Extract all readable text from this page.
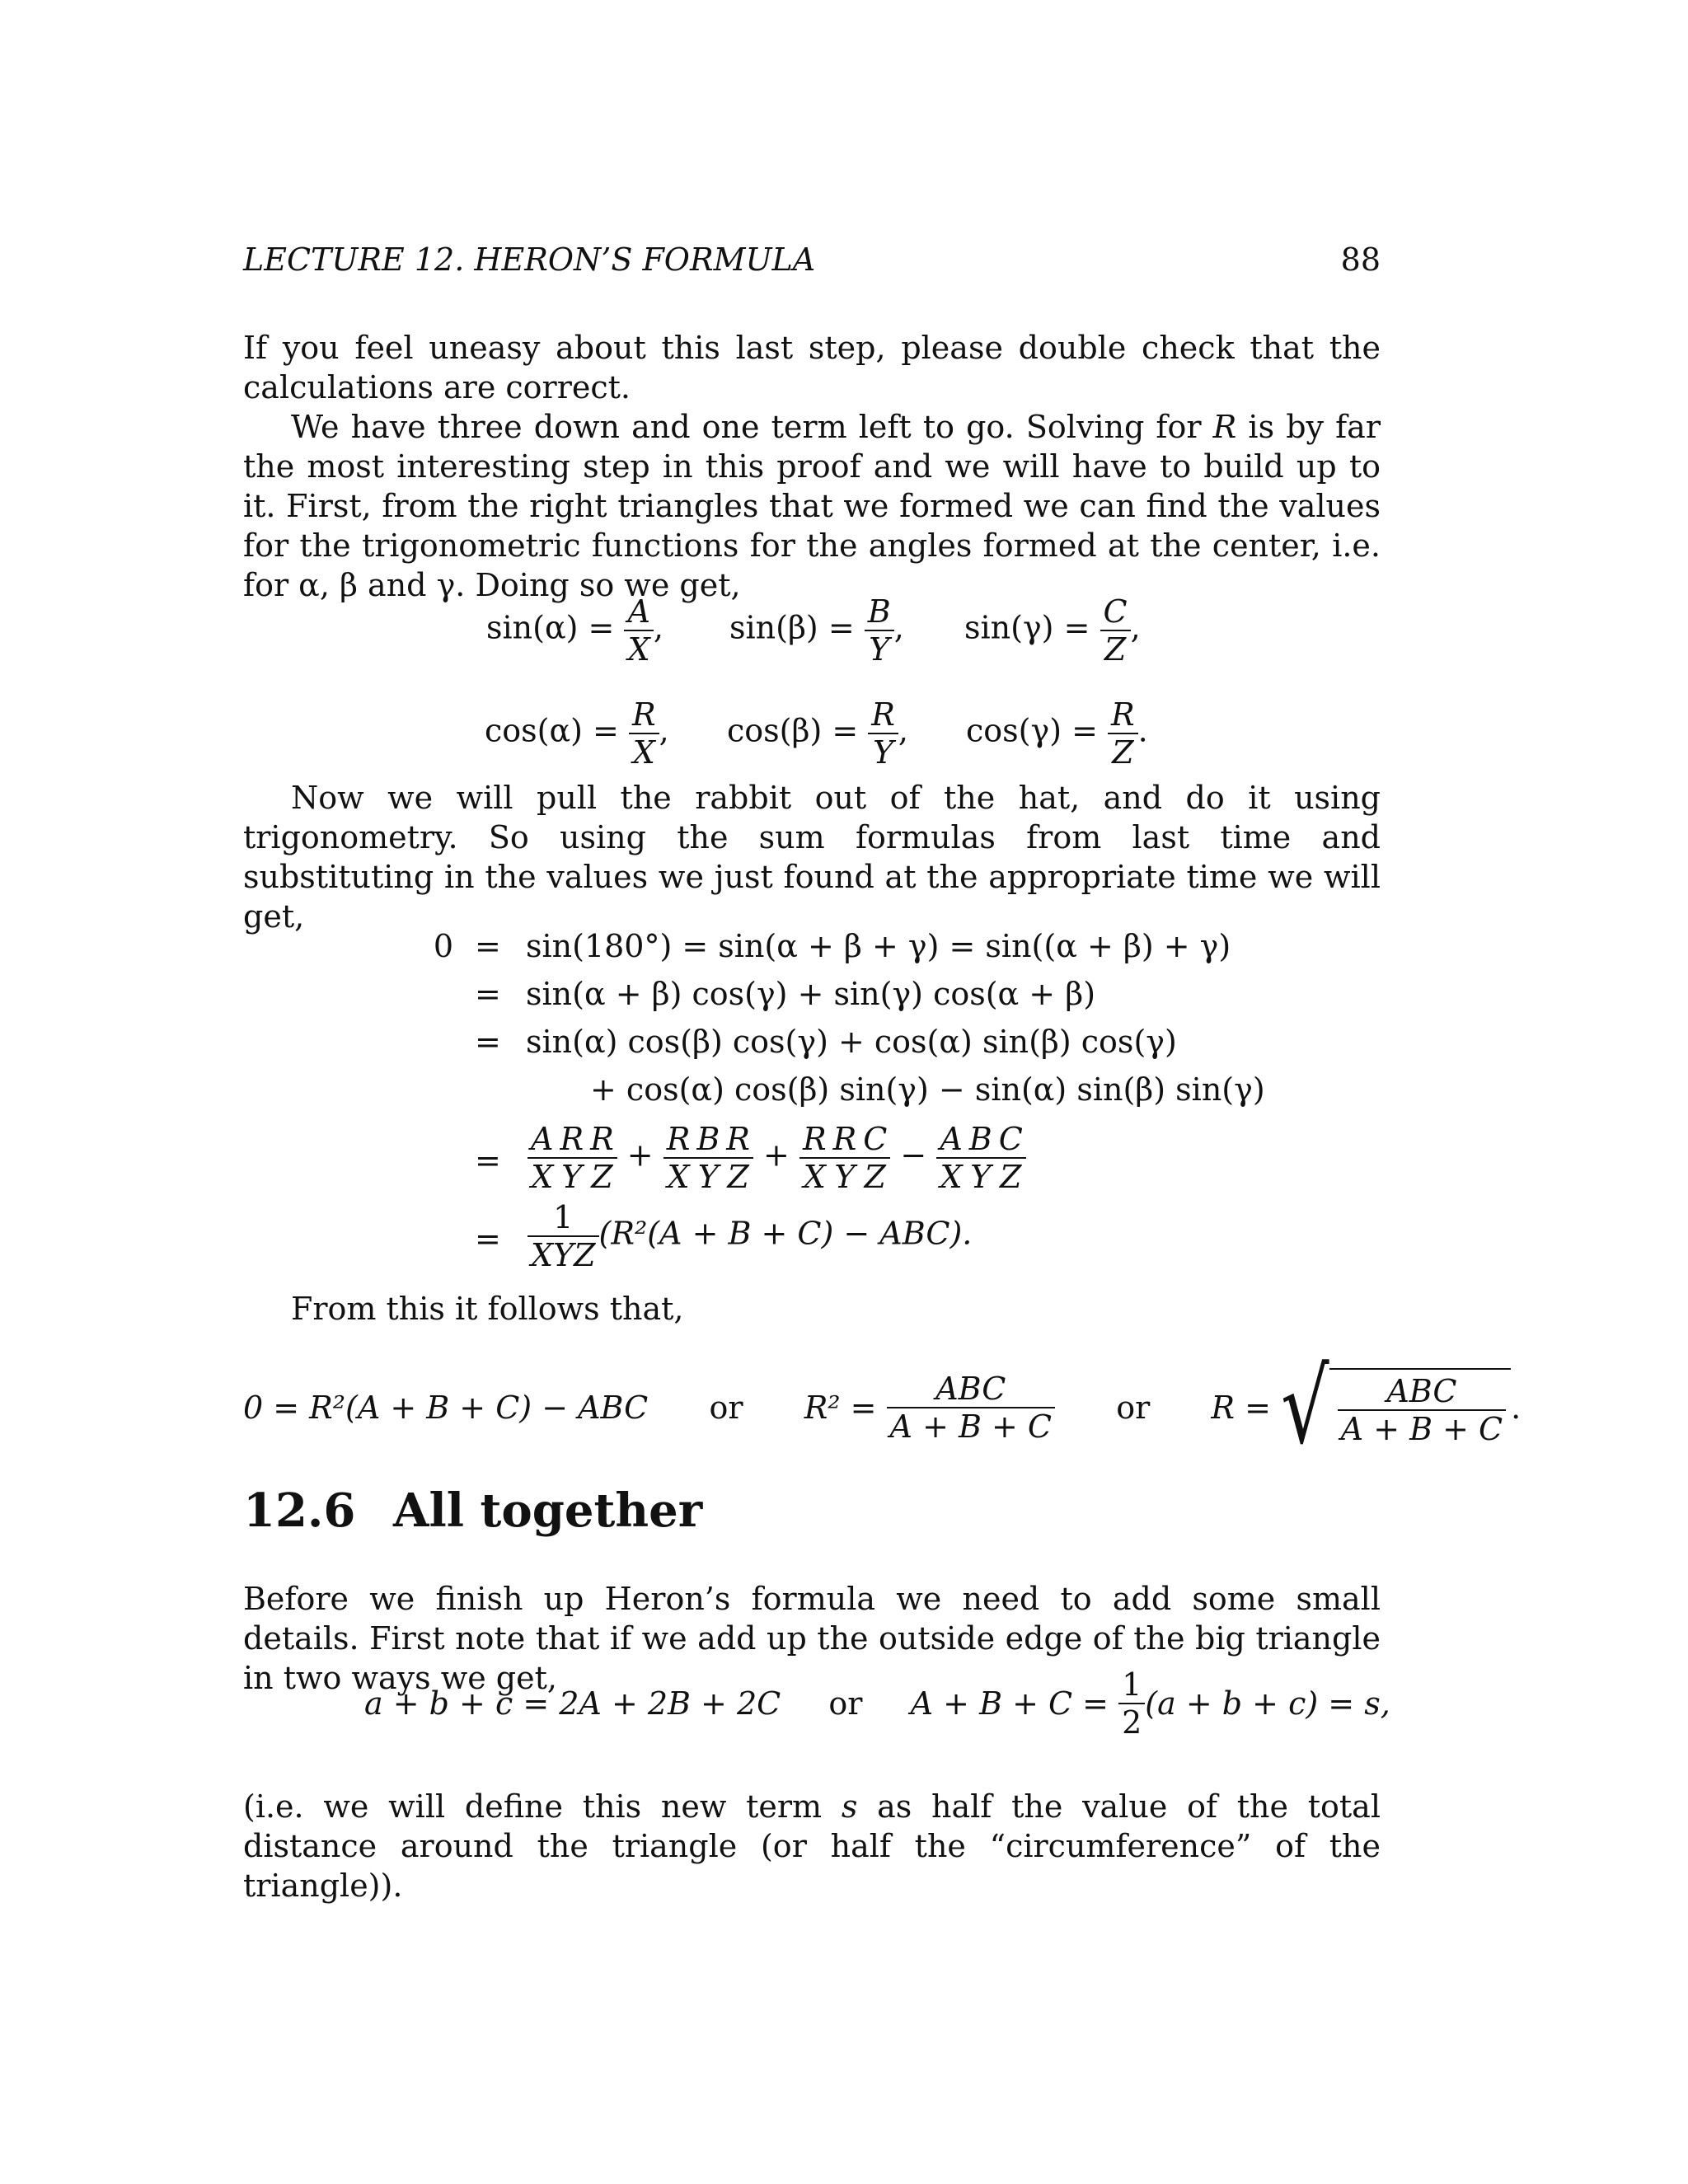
LECTURE 12. HERON’S FORMULA	88

If you feel uneasy about this last step, please double check that the calculations are correct.

We have three down and one term left to go. Solving for R is by far the most interesting step in this proof and we will have to build up to it. First, from the right triangles that we formed we can find the values for the trigonometric functions for the angles formed at the center, i.e. for α, β and γ. Doing so we get,

$\sin(\alpha) = \frac{A}{X}$ , $\sin(\beta) = \frac{B}{Y}$ , $\sin(\gamma) = \frac{C}{Z}$ ,
$\cos(\alpha) = \frac{R}{X}$ , $\cos(\beta) = \frac{R}{Y}$ , $\cos(\gamma) = \frac{R}{Z}$ .

Now we will pull the rabbit out of the hat, and do it using trigonometry. So using the sum formulas from last time and substituting in the values we just found at the appropriate time we will get,

0 = sin(180°) = sin(α + β + γ) = sin((α + β) + γ)
= sin(α + β) cos(γ) + sin(γ) cos(α + β)
= sin(α) cos(β) cos(γ) + cos(α) sin(β) cos(γ)
+ cos(α) cos(β) sin(γ) − sin(α) sin(β) sin(γ)
= $\frac{A}{X} \frac{R}{Y} \frac{R}{Z} + \frac{R}{X} \frac{B}{Y} \frac{R}{Z} + \frac{R}{X} \frac{R}{Y} \frac{C}{Z} - \frac{A}{X} \frac{B}{Y} \frac{C}{Z}$
= $\frac{1}{\text{XYZ}} (R^2(A + B + C) - ABC)$.

From this it follows that,

0 = R²(A + B + C) − ABC or $R^2 = \frac{\text{ABC}}{A + B + C}$ or R = √ $\frac{\text{ABC}}{A + B + C}$ .
12.6 All together

Before we finish up Heron’s formula we need to add some small details. First note that if we add up the outside edge of the big triangle in two ways we get,

a + b + c = 2A + 2B + 2C or $A + B + C = \frac{1}{2} (a + b + c) = s$,

(i.e. we will define this new term s as half the value of the total distance around the triangle (or half the “circumference” of the triangle)).
